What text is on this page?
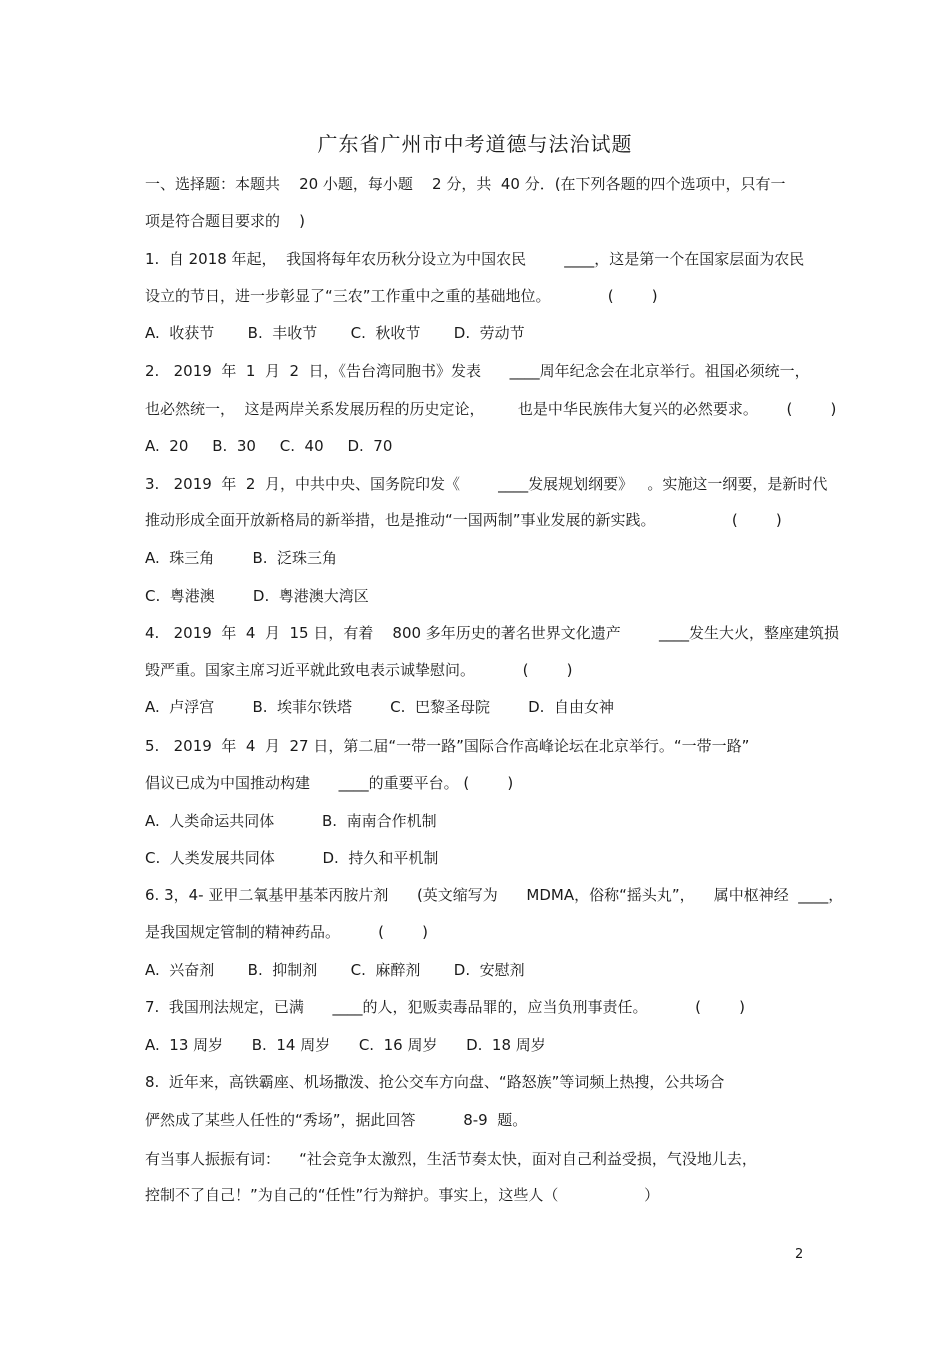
广东省广州市中考道德与法治试题
一、选择题：本题共    20 小题，每小题    2 分，共  40 分．(在下列各题的四个选项中，只有一
项是符合题目要求的    )
1.  自 2018 年起，  我国将每年农历秋分设立为中国农民        ____，这是第一个在国家层面为农民
设立的节日，进一步彰显了“三农”工作重中之重的基础地位。            (        )
A.  收获节       B.  丰收节       C.  秋收节       D.  劳动节
2.   2019  年  1  月  2  日，《告台湾同胞书》发表      ____周年纪念会在北京举行。祖国必须统一，
也必然统一，  这是两岸关系发展历程的历史定论，       也是中华民族伟大复兴的必然要求。      (        )
A.  20     B.  30     C.  40     D.  70
3.   2019  年  2  月，中共中央、国务院印发《        ____发展规划纲要》   。实施这一纲要，是新时代
推动形成全面开放新格局的新举措，也是推动“一国两制”事业发展的新实践。                (        )
A.  珠三角        B.  泛珠三角
C.  粤港澳        D.  粤港澳大湾区
4.   2019  年  4  月  15 日，有着    800 多年历史的著名世界文化遗产        ____发生大火，整座建筑损
毁严重。国家主席习近平就此致电表示诚挚慰问。          (        )
A.  卢浮宫        B.  埃菲尔铁塔        C.  巴黎圣母院        D.  自由女神
5.   2019  年  4  月  27 日，第二届“一带一路”国际合作高峰论坛在北京举行。“一带一路”
倡议已成为中国推动构建      ____的重要平台。 (        )
A.  人类命运共同体          B.  南南合作机制
C.  人类发展共同体          D.  持久和平机制
6. 3，4- 亚甲二氧基甲基苯丙胺片剂      (英文缩写为      MDMA，俗称“摇头丸”，    属中枢神经  ____，
是我国规定管制的精神药品。        (        )
A.  兴奋剂       B.  抑制剂       C.  麻醉剂       D.  安慰剂
7.  我国刑法规定，已满      ____的人，犯贩卖毒品罪的，应当负刑事责任。          (        )
A.  13 周岁      B.  14 周岁      C.  16 周岁      D.  18 周岁
8.  近年来，高铁霸座、机场撒泼、抢公交车方向盘、“路怒族”等词频上热搜，公共场合
俨然成了某些人任性的“秀场”，据此回答          8-9  题。
有当事人振振有词：    “社会竞争太激烈，生活节奏太快，面对自己利益受损，气没地儿去，
控制不了自己！”为自己的“任性”行为辩护。事实上，这些人（                  ）
2
